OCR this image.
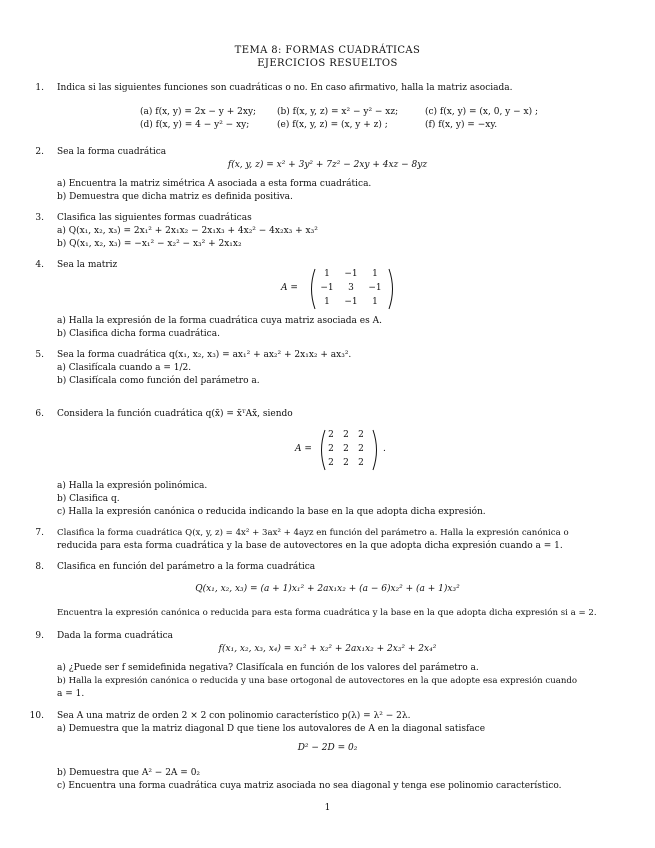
TEMA 8: FORMAS CUADRÁTICAS
EJERCICIOS RESUELTOS
1. Indica si las siguientes funciones son cuadráticas o no. En caso afirmativo, halla la matriz asociada.
(a) f(x, y) = 2x − y + 2xy; (b) f(x, y, z) = x² − y² − xz;	(c) f(x, y) = (x, 0, y − x) ;
(d) f(x, y) = 4 − y² − xy;	(e) f(x, y, z) = (x, y + z) ;	(f) f(x, y) = −xy.
2. Sea la forma cuadrática
f(x, y, z) = x² + 3y² + 7z² − 2xy + 4xz − 8yz
a) Encuentra la matriz simétrica A asociada a esta forma cuadrática.
b) Demuestra que dicha matriz es definida positiva.
3. Clasifica las siguientes formas cuadráticas
a) Q(x₁, x₂, x₃) = 2x₁² + 2x₁x₂ − 2x₁x₃ + 4x₂² − 4x₂x₃ + x₃²
b) Q(x₁, x₂, x₃) = −x₁² − x₂² − x₃² + 2x₁x₂
4. Sea la matriz
A =
1	−1	1
−1	3	−1
1	−1	1
a) Halla la expresión de la forma cuadrática cuya matriz asociada es A.
b) Clasifica dicha forma cuadrática.
5. Sea la forma cuadrática q(x₁, x₂, x₃) = ax₁² + ax₂² + 2x₁x₂ + ax₃².
a) Clasifícala cuando a = 1/2.
b) Clasifícala como función del parámetro a.
6. Considera la función cuadrática q(x̄) = x̄ᵀAx̄, siendo
A =
2	2	2
2	2	2
2	2	2
.
a) Halla la expresión polinómica.
b) Clasifica q.
c) Halla la expresión canónica o reducida indicando la base en la que adopta dicha expresión.
7. Clasifica la forma cuadrática Q(x, y, z) = 4x² + 3ax² + 4ayz en función del parámetro a. Halla la expresión canónica o
reducida para esta forma cuadrática y la base de autovectores en la que adopta dicha expresión cuando a = 1.
8. Clasifica en función del parámetro a la forma cuadrática
Q(x₁, x₂, x₃) = (a + 1)x₁² + 2ax₁x₂ + (a − 6)x₂² + (a + 1)x₃²
Encuentra la expresión canónica o reducida para esta forma cuadrática y la base en la que adopta dicha expresión si a = 2.
9. Dada la forma cuadrática
f(x₁, x₂, x₃, x₄) = x₁² + x₂² + 2ax₁x₂ + 2x₃² + 2x₄²
a) ¿Puede ser f semidefinida negativa? Clasifícala en función de los valores del parámetro a.
b) Halla la expresión canónica o reducida y una base ortogonal de autovectores en la que adopte esa expresión cuando
a = 1.
10. Sea A una matriz de orden 2 × 2 con polinomio característico p(λ) = λ² − 2λ.
a) Demuestra que la matriz diagonal D que tiene los autovalores de A en la diagonal satisface
D² − 2D = 0₂
b) Demuestra que A² − 2A = 0₂
c) Encuentra una forma cuadrática cuya matriz asociada no sea diagonal y tenga ese polinomio característico.
1
